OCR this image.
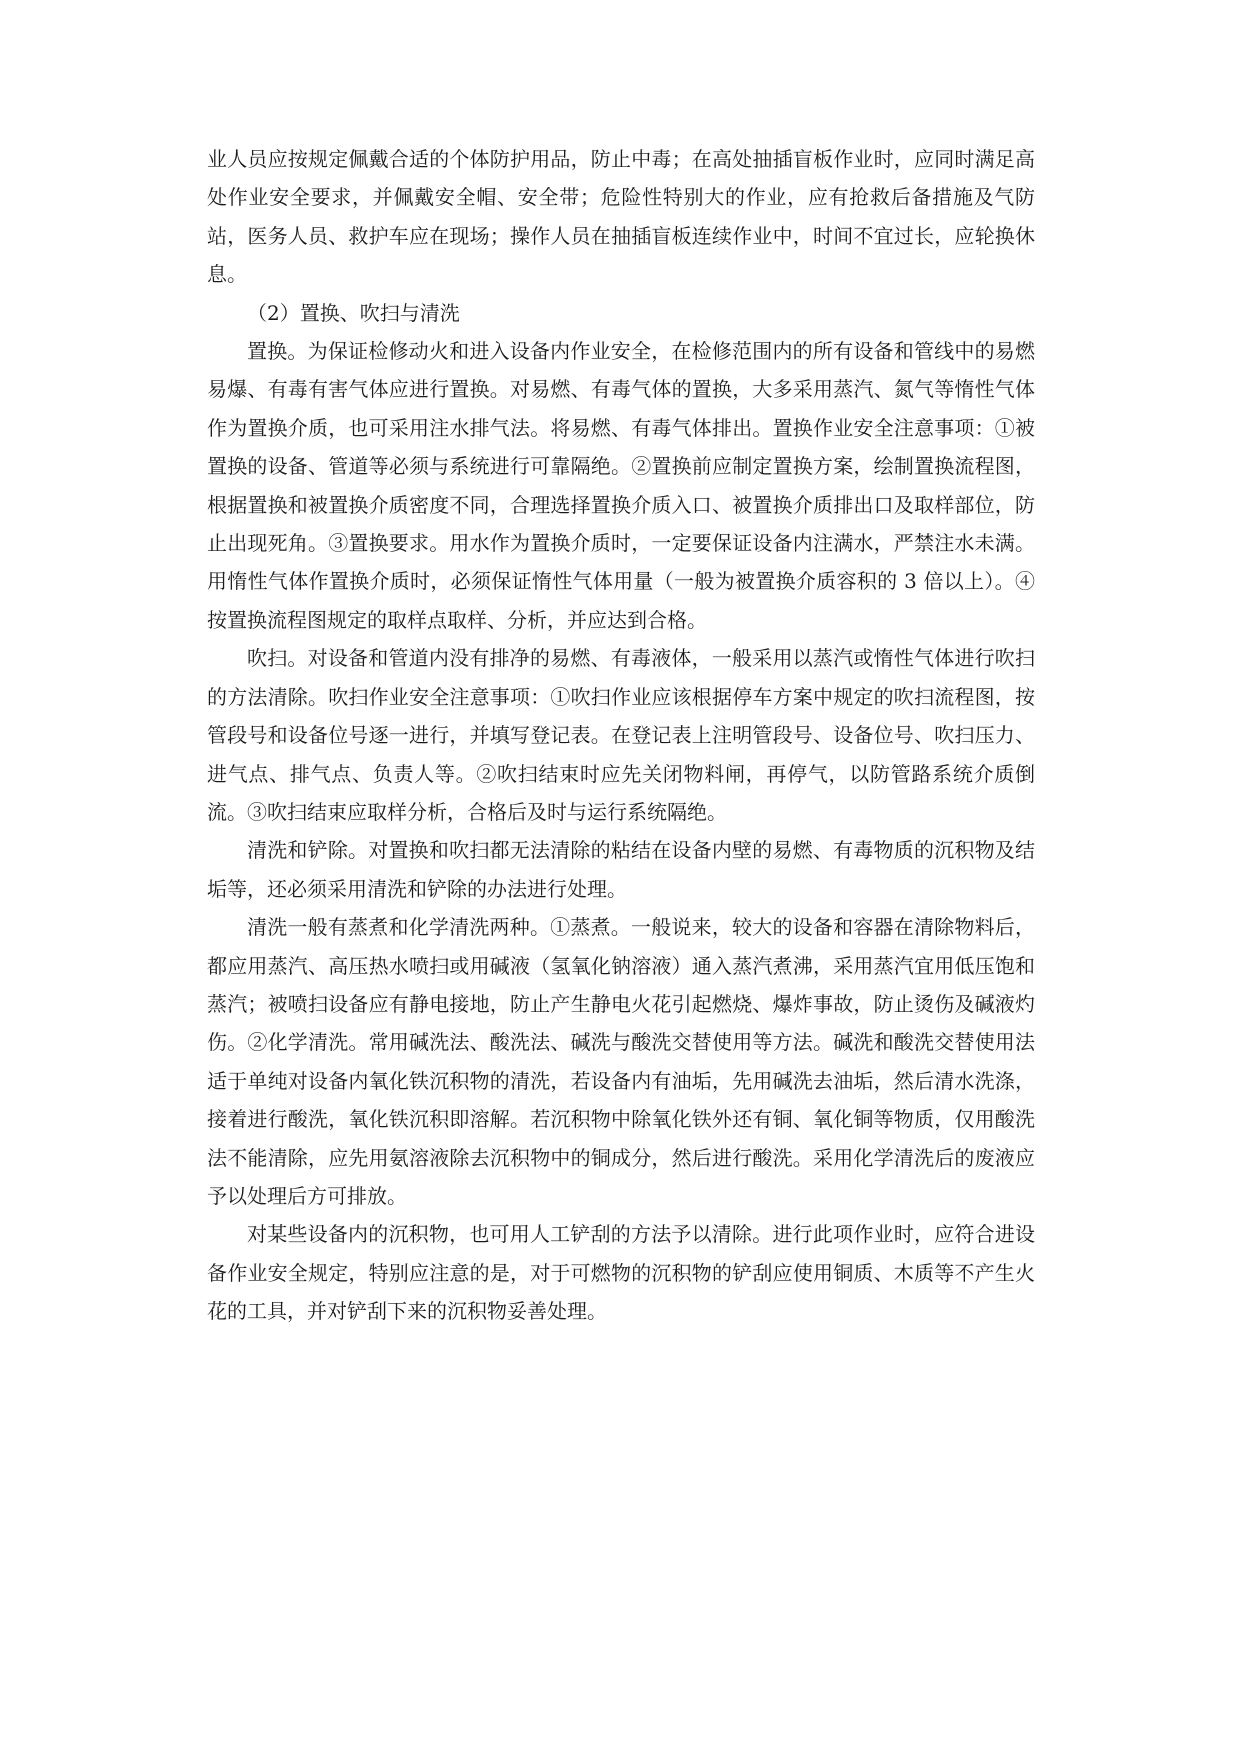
业人员应按规定佩戴合适的个体防护用品，防止中毒；在高处抽插盲板作业时，应同时满足高处作业安全要求，并佩戴安全帽、安全带；危险性特别大的作业，应有抢救后备措施及气防站，医务人员、救护车应在现场；操作人员在抽插盲板连续作业中，时间不宜过长，应轮换休息。

（2）置换、吹扫与清洗

置换。为保证检修动火和进入设备内作业安全，在检修范围内的所有设备和管线中的易燃易爆、有毒有害气体应进行置换。对易燃、有毒气体的置换，大多采用蒸汽、氮气等惰性气体作为置换介质，也可采用注水排气法。将易燃、有毒气体排出。置换作业安全注意事项：①被置换的设备、管道等必须与系统进行可靠隔绝。②置换前应制定置换方案，绘制置换流程图，根据置换和被置换介质密度不同，合理选择置换介质入口、被置换介质排出口及取样部位，防止出现死角。③置换要求。用水作为置换介质时，一定要保证设备内注满水，严禁注水未满。用惰性气体作置换介质时，必须保证惰性气体用量（一般为被置换介质容积的 3 倍以上）。④按置换流程图规定的取样点取样、分析，并应达到合格。

吹扫。对设备和管道内没有排净的易燃、有毒液体，一般采用以蒸汽或惰性气体进行吹扫的方法清除。吹扫作业安全注意事项：①吹扫作业应该根据停车方案中规定的吹扫流程图，按管段号和设备位号逐一进行，并填写登记表。在登记表上注明管段号、设备位号、吹扫压力、进气点、排气点、负责人等。②吹扫结束时应先关闭物料闸，再停气，以防管路系统介质倒流。③吹扫结束应取样分析，合格后及时与运行系统隔绝。

清洗和铲除。对置换和吹扫都无法清除的粘结在设备内壁的易燃、有毒物质的沉积物及结垢等，还必须采用清洗和铲除的办法进行处理。

清洗一般有蒸煮和化学清洗两种。①蒸煮。一般说来，较大的设备和容器在清除物料后，都应用蒸汽、高压热水喷扫或用碱液（氢氧化钠溶液）通入蒸汽煮沸，采用蒸汽宜用低压饱和蒸汽；被喷扫设备应有静电接地，防止产生静电火花引起燃烧、爆炸事故，防止烫伤及碱液灼伤。②化学清洗。常用碱洗法、酸洗法、碱洗与酸洗交替使用等方法。碱洗和酸洗交替使用法适于单纯对设备内氧化铁沉积物的清洗，若设备内有油垢，先用碱洗去油垢，然后清水洗涤，接着进行酸洗，氧化铁沉积即溶解。若沉积物中除氧化铁外还有铜、氧化铜等物质，仅用酸洗法不能清除，应先用氨溶液除去沉积物中的铜成分，然后进行酸洗。采用化学清洗后的废液应予以处理后方可排放。

对某些设备内的沉积物，也可用人工铲刮的方法予以清除。进行此项作业时，应符合进设备作业安全规定，特别应注意的是，对于可燃物的沉积物的铲刮应使用铜质、木质等不产生火花的工具，并对铲刮下来的沉积物妥善处理。
